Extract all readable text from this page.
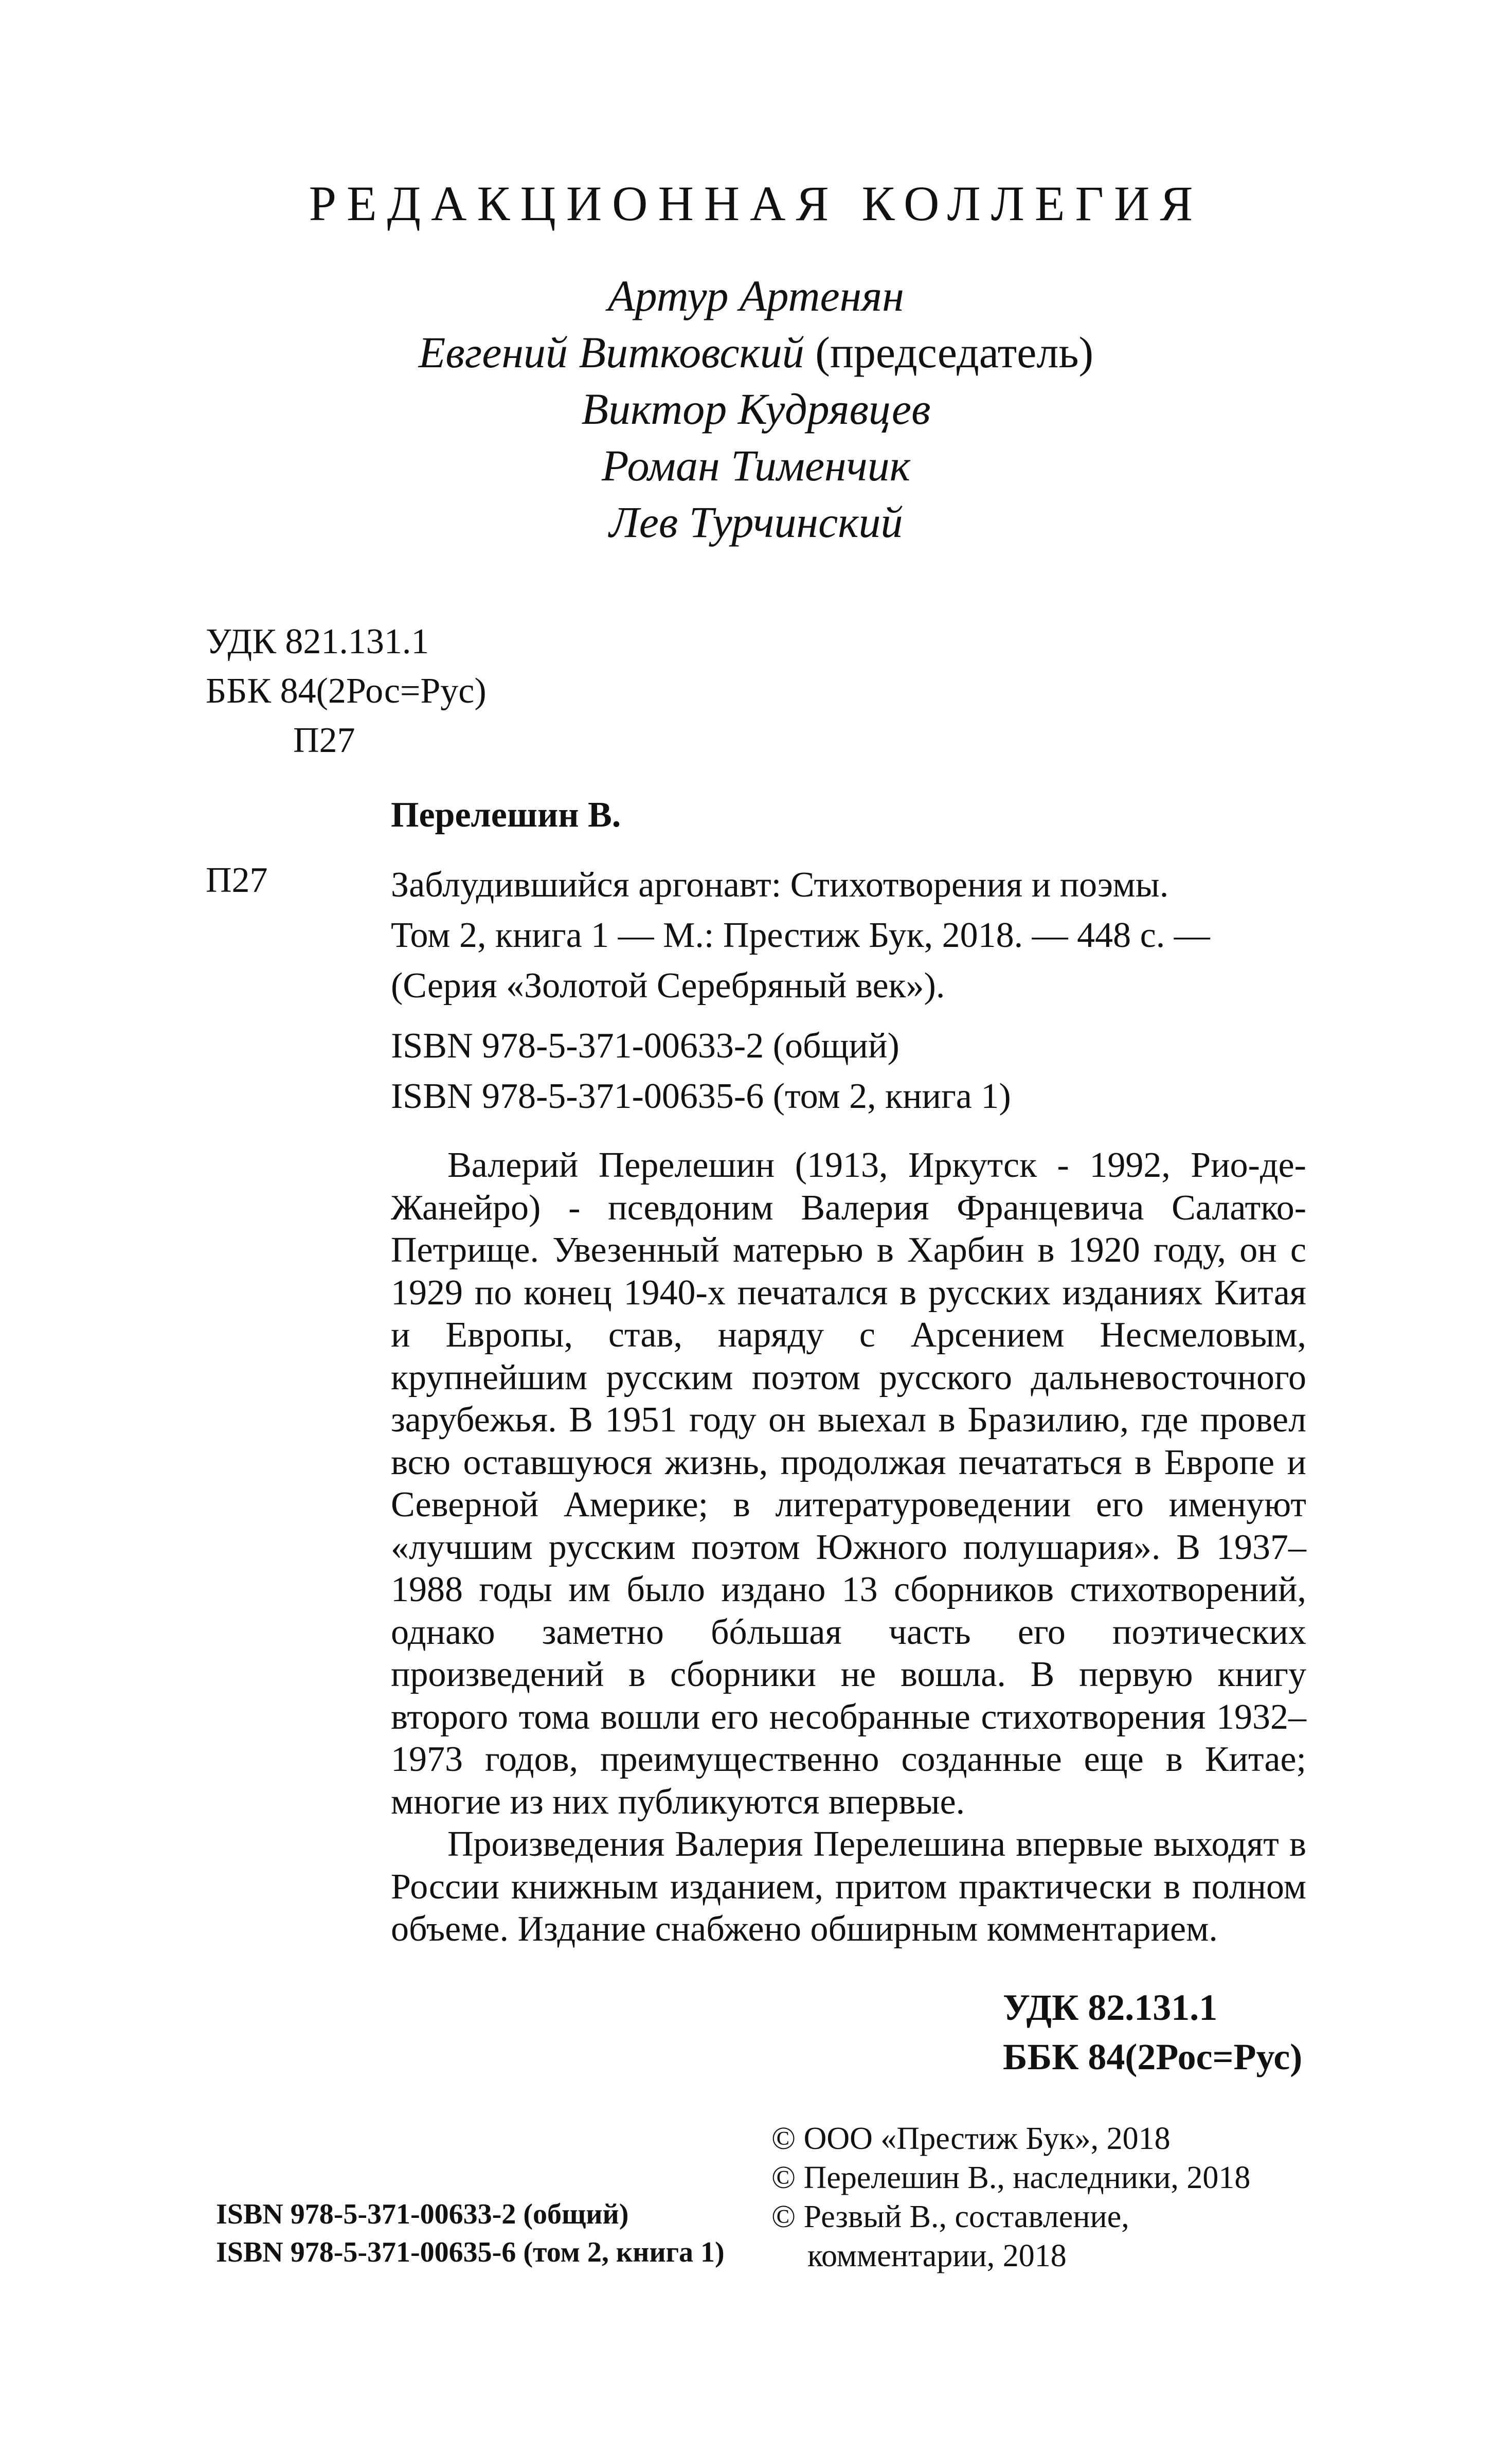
РЕДАКЦИОННАЯ КОЛЛЕГИЯ
Артур Артенян
Евгений Витковский (председатель)
Виктор Кудрявцев
Роман Тименчик
Лев Турчинский
УДК 821.131.1
ББК 84(2Рос=Рус)
П27
Перелешин В.
П27	Заблудившийся аргонавт: Стихотворения и поэмы.
Том 2, книга 1 — М.: Престиж Бук, 2018. — 448 с. — (Серия «Золотой Серебряный век»).
ISBN 978-5-371-00633-2 (общий)
ISBN 978-5-371-00635-6 (том 2, книга 1)

Валерий Перелешин (1913, Иркутск - 1992, Рио-де-Жанейро) - псевдоним Валерия Францевича Салатко-Петрище. Увезенный матерью в Харбин в 1920 году, он с 1929 по конец 1940-х печатался в русских изданиях Китая и Европы, став, наряду с Арсением Несмеловым, крупнейшим русским поэтом русского дальневосточного зарубежья. В 1951 году он выехал в Бразилию, где провел всю оставшуюся жизнь, продолжая печататься в Европе и Северной Америке; в литературоведении его именуют «лучшим русским поэтом Южного полушария». В 1937–1988 годы им было издано 13 сборников стихотворений, однако заметно бóльшая часть его поэтических произведений в сборники не вошла. В первую книгу второго тома вошли его несобранные стихотворения 1932–1973 годов, преимущественно созданные еще в Китае; многие из них публикуются впервые.

Произведения Валерия Перелешина впервые выходят в России книжным изданием, притом практически в полном объеме. Издание снабжено обширным комментарием.

УДК 82.131.1
ББК 84(2Рос=Рус)
© ООО «Престиж Бук», 2018
© Перелешин В., наследники, 2018
© Резвый В., составление,
комментарии, 2018
ISBN 978-5-371-00633-2 (общий)
ISBN 978-5-371-00635-6 (том 2, книга 1)
